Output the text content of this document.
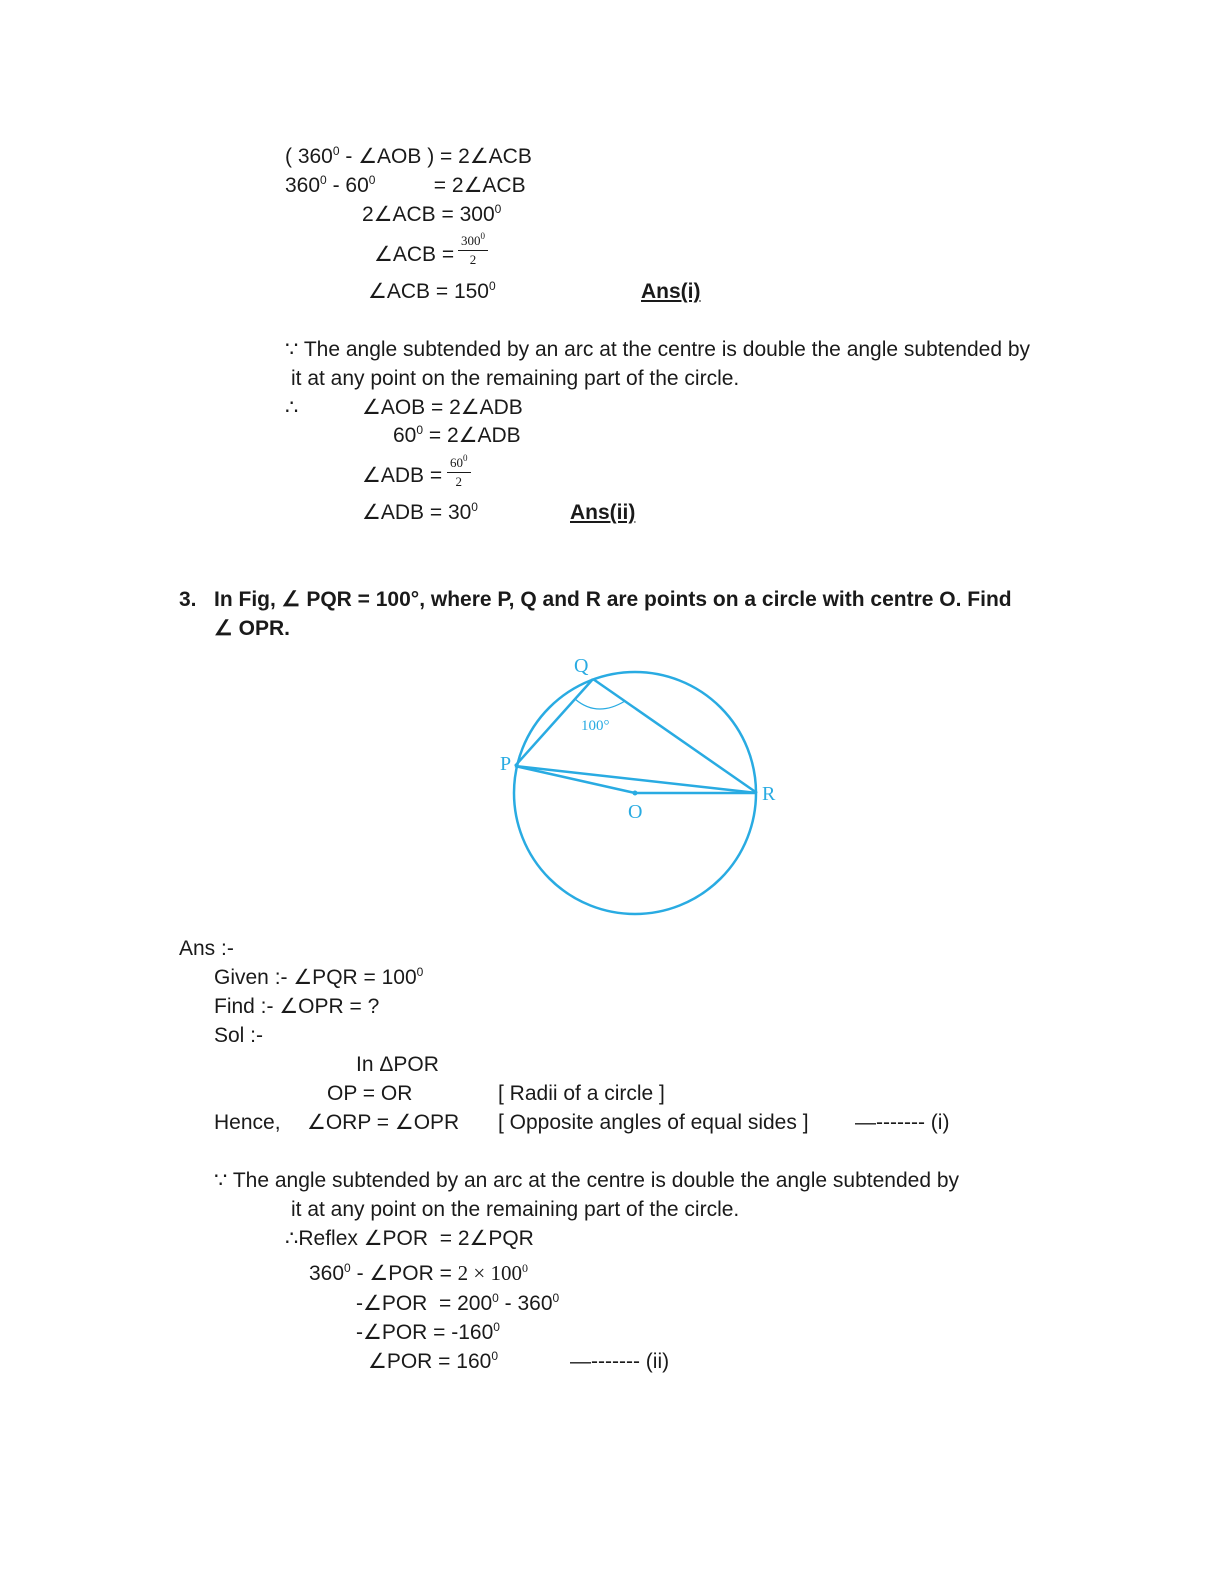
( $360^0$ - ∠AOB ) = 2∠ACB
$360^0 - 60^0$          = 2∠ACB
2∠ACB = $300^0$
∠ACB =
$\frac{300^0}{2}$
∠ACB = $150^0$	Ans(i)
∵ The angle subtended by an arc at the centre is double the angle subtended by
it at any point on the remaining part of the circle.
∴	∠AOB = 2∠ADB
$60^0$ = 2∠ADB
∠ADB = $\frac{60^0}{2}$
∠ADB = $30^0$	Ans(ii)
3. In Fig, ∠ PQR = 100°, where P, Q and R are points on a circle with centre O. Find
∠ OPR.
Q
P
R
O
100°
Ans :-
Given :- ∠PQR = $100^0$
Find :- ∠OPR = ?
Sol :-
In ΔPOR
OP = OR	[ Radii of a circle ]
Hence, ∠ORP = ∠OPR [ Opposite angles of equal sides ] —------- (i)
∵ The angle subtended by an arc at the centre is double the angle subtended by
it at any point on the remaining part of the circle.
∴Reflex ∠POR  = 2∠PQR
$360^0$ - ∠POR = $2 \times 100^0$
-∠POR  = $200^0 - 360^0$
-∠POR = $-160^0$
∠POR = $160^0$	—------- (ii)
